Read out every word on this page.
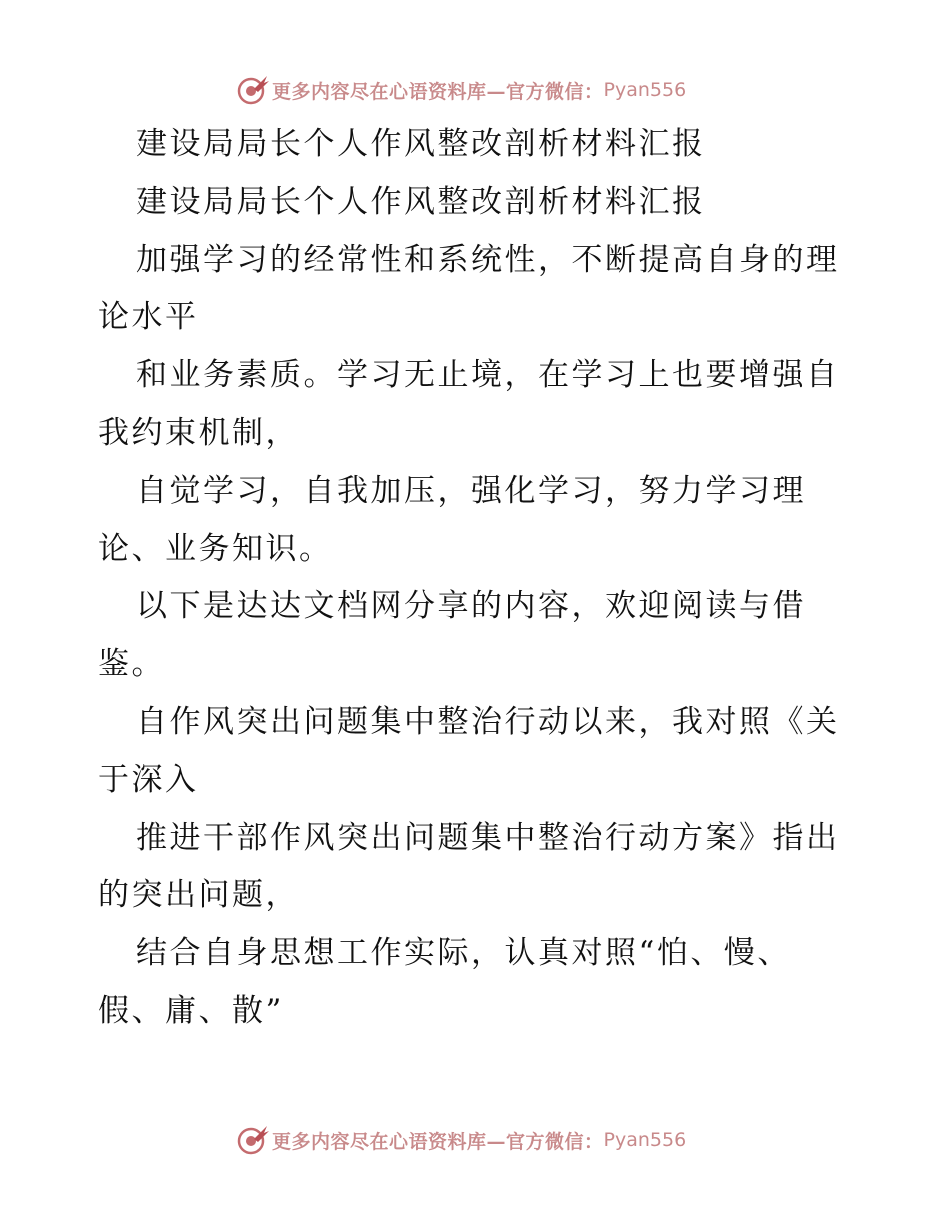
更多内容尽在心语资料库—官方微信： Pyan556
建设局局长个人作风整改剖析材料汇报
建设局局长个人作风整改剖析材料汇报
加强学习的经常性和系统性，不断提高自身的理
论水平
和业务素质。学习无止境，在学习上也要增强自
我约束机制，
自觉学习，自我加压，强化学习，努力学习理
论、业务知识。
以下是达达文档网分享的内容，欢迎阅读与借
鉴。
自作风突出问题集中整治行动以来，我对照《关
于深入
推进干部作风突出问题集中整治行动方案》指出
的突出问题，
结合自身思想工作实际，认真对照“怕、慢、
假、庸、散”
更多内容尽在心语资料库—官方微信： Pyan556
